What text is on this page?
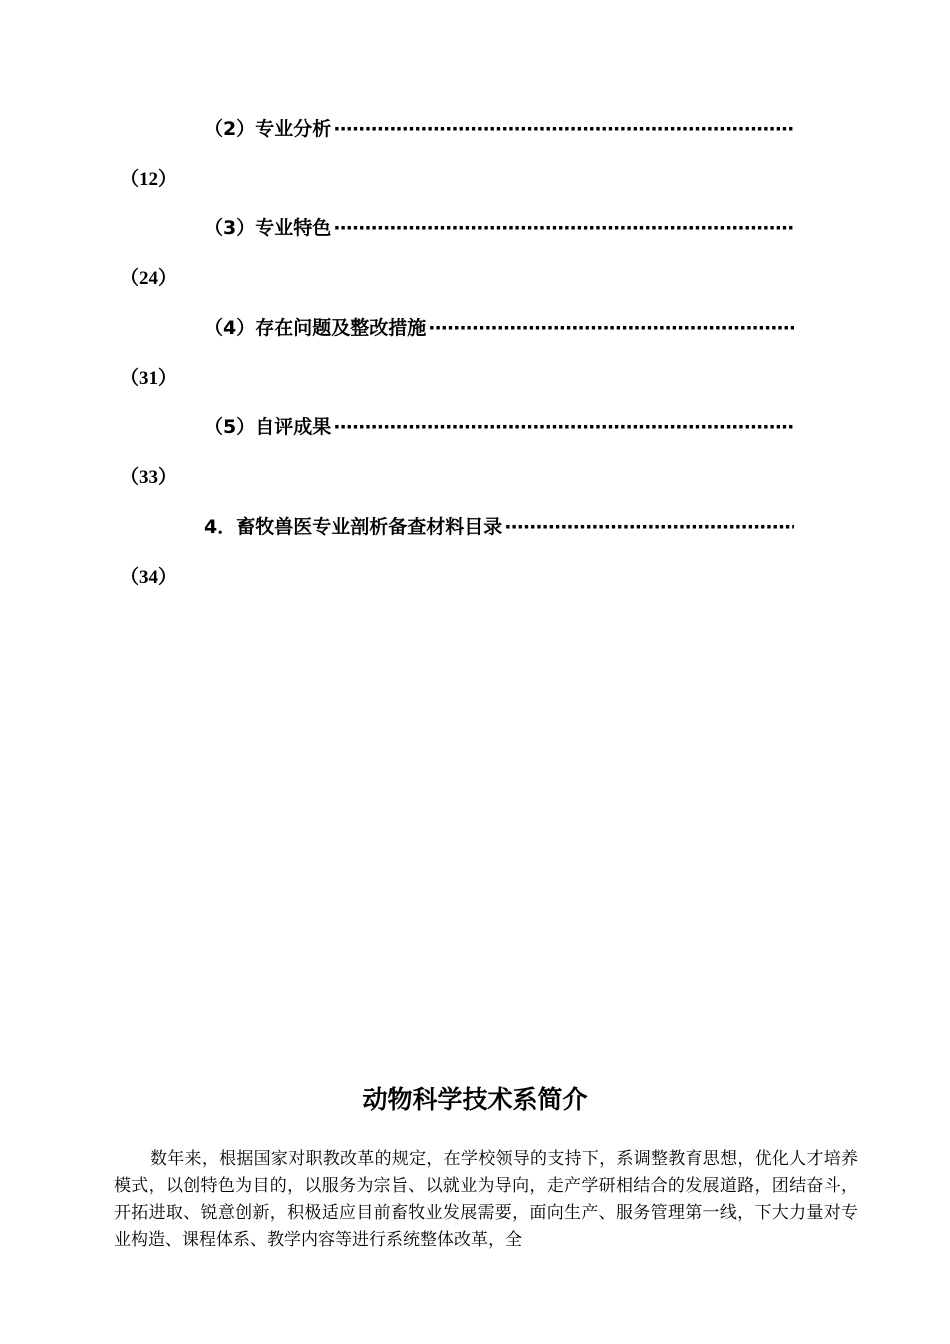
（2）专业分析
·····
（12）
（3）专业特色
·····
（24）
（4）存在问题及整改措施
·····
（31）
（5）自评成果
·····
（33）
4．畜牧兽医专业剖析备查材料目录
·····
（34）
动物科学技术系简介

数年来，根据国家对职教改革的规定，在学校领导的支持下，系调整教育思想，优化人才培养模式，以创特色为目的，以服务为宗旨、以就业为导向，走产学研相结合的发展道路，团结奋斗，开拓进取、锐意创新，积极适应目前畜牧业发展需要，面向生产、服务管理第一线，下大力量对专业构造、课程体系、教学内容等进行系统整体改革，全
